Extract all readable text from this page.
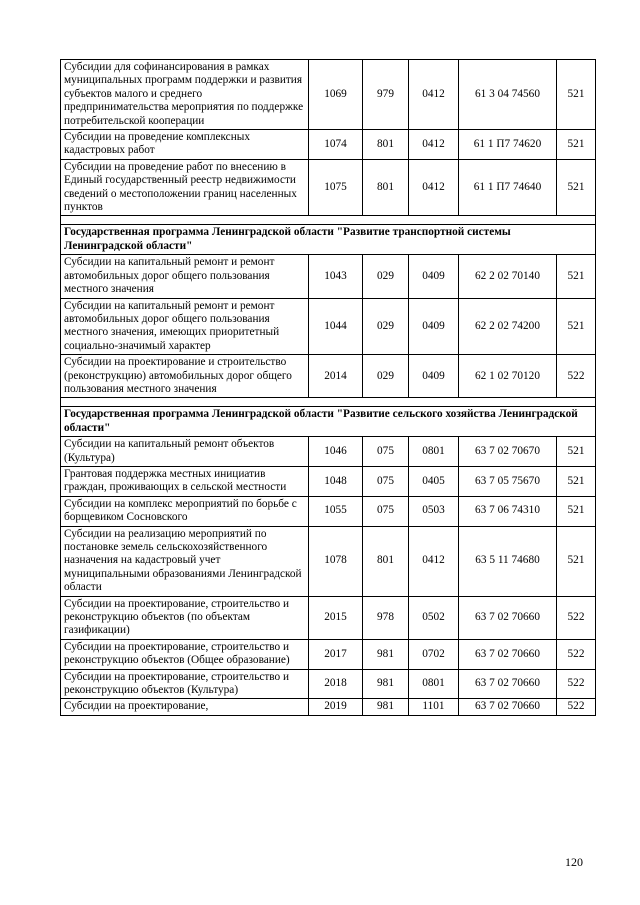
Субсидии для софинансирования в рамках муниципальных программ поддержки и развития субъектов малого и среднего предпринимательства мероприятия по поддержке потребительской кооперации	1069	979	0412	61 3 04 74560	521
Субсидии на проведение комплексных кадастровых работ	1074	801	0412	61 1 П7 74620	521
Субсидии на проведение работ по внесению в Единый государственный реестр недвижимости сведений о местоположении границ населенных пунктов	1075	801	0412	61 1 П7 74640	521

Государственная программа Ленинградской области "Развитие транспортной системы Ленинградской области"					
Субсидии на капитальный ремонт и ремонт автомобильных дорог общего пользования местного значения	1043	029	0409	62 2 02 70140	521
Субсидии на капитальный ремонт и ремонт автомобильных дорог общего пользования местного значения, имеющих приоритетный социально-значимый характер	1044	029	0409	62 2 02 74200	521
Субсидии на проектирование и строительство (реконструкцию) автомобильных дорог общего пользования местного значения	2014	029	0409	62 1 02 70120	522

Государственная программа Ленинградской области "Развитие сельского хозяйства Ленинградской области"					
Субсидии на капитальный ремонт объектов (Культура)	1046	075	0801	63 7 02 70670	521
Грантовая поддержка местных инициатив граждан, проживающих в сельской местности	1048	075	0405	63 7 05 75670	521
Субсидии на комплекс мероприятий по борьбе с борщевиком Сосновского	1055	075	0503	63 7 06 74310	521
Субсидии на реализацию мероприятий по постановке земель сельскохозяйственного назначения на кадастровый учет муниципальными образованиями Ленинградской области	1078	801	0412	63 5 11 74680	521
Субсидии на проектирование, строительство и реконструкцию объектов (по объектам газификации)	2015	978	0502	63 7 02 70660	522
Субсидии на проектирование, строительство и реконструкцию объектов (Общее образование)	2017	981	0702	63 7 02 70660	522
Субсидии на проектирование, строительство и реконструкцию объектов (Культура)	2018	981	0801	63 7 02 70660	522
Субсидии на проектирование,	2019	981	1101	63 7 02 70660	522
120
